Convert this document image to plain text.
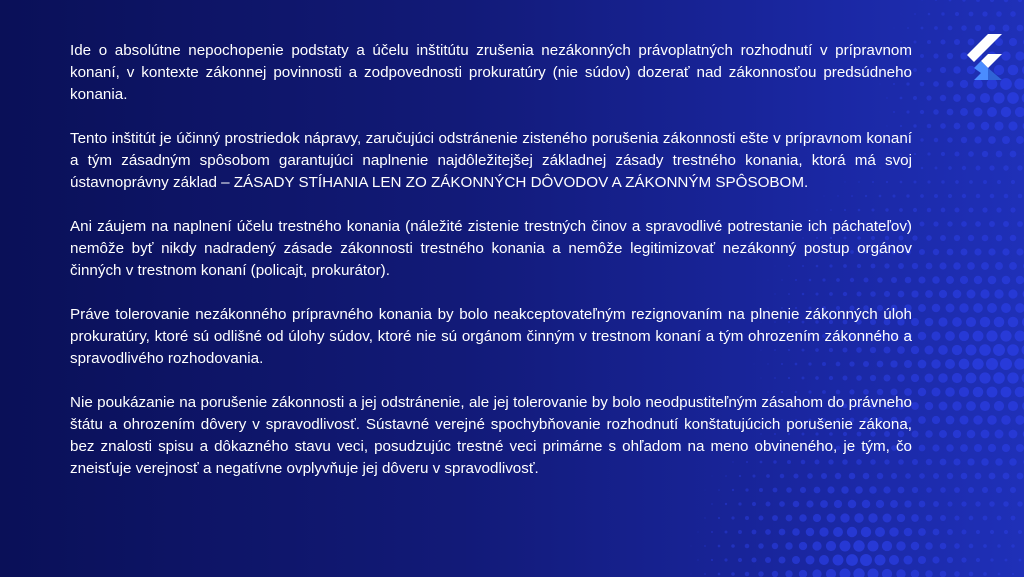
Ide o absolútne nepochopenie podstaty a účelu inštitútu zrušenia nezákonných právoplatných rozhodnutí v prípravnom konaní, v kontexte zákonnej povinnosti a zodpovednosti prokuratúry (nie súdov) dozerať nad zákonnosťou predsúdneho konania.

Tento inštitút je účinný prostriedok nápravy, zaručujúci odstránenie zisteného porušenia zákonnosti ešte v prípravnom konaní a tým zásadným spôsobom garantujúci naplnenie najdôležitejšej základnej zásady trestného konania, ktorá má svoj ústavnoprávny základ – ZÁSADY STÍHANIA LEN ZO ZÁKONNÝCH DÔVODOV A ZÁKONNÝM SPÔSOBOM.

Ani záujem na naplnení účelu trestného konania (náležité zistenie trestných činov a spravodlivé potrestanie ich páchateľov) nemôže byť nikdy nadradený zásade zákonnosti trestného konania a nemôže legitimizovať nezákonný postup orgánov činných v trestnom konaní (policajt, prokurátor).

Práve tolerovanie nezákonného prípravného konania by bolo neakceptovateľným rezignovaním na plnenie zákonných úloh prokuratúry, ktoré sú odlišné od úlohy súdov, ktoré nie sú orgánom činným v trestnom konaní a tým ohrozením zákonného a spravodlivého rozhodovania.

Nie poukázanie na porušenie zákonnosti a jej odstránenie, ale jej tolerovanie by bolo neodpustiteľným zásahom do právneho štátu a ohrozením dôvery v spravodlivosť. Sústavné verejné spochybňovanie rozhodnutí konštatujúcich porušenie zákona, bez znalosti spisu a dôkazného stavu veci, posudzujúc trestné veci primárne s ohľadom na meno obvineného, je tým, čo zneisťuje verejnosť a negatívne ovplyvňuje jej dôveru v spravodlivosť.
